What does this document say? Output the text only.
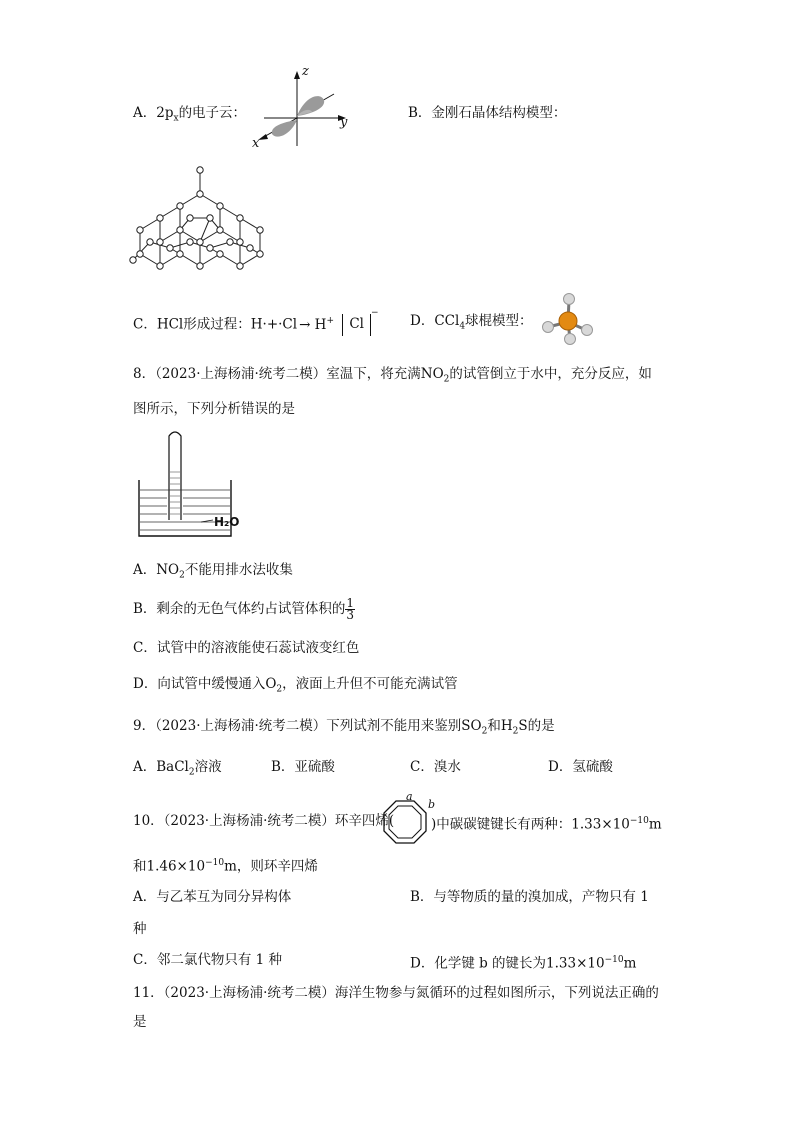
A．$2p_x$的电子云：
z
y
x
B．金刚石晶体结构模型：
C．HCl形成过程：H·+·Cl → H+ Cl− D．CCl$_4$球棍模型：
8．（2023·上海杨浦·统考二模）室温下，将充满$NO_2$的试管倒立于水中，充分反应，如
图所示，下列分析错误的是
H₂O
A．$NO_2$不能用排水法收集
B．剩余的无色气体约占试管体积的 $\frac{1}{3}$
C．试管中的溶液能使石蕊试液变红色
D．向试管中缓慢通入$O_2$，液面上升但不可能充满试管
9．（2023·上海杨浦·统考二模）下列试剂不能用来鉴别$SO_2$和$H_2S$的是
A．BaCl$_2$溶液	B．亚硫酸	C．溴水	D．氢硫酸
10．（2023·上海杨浦·统考二模）环辛四烯(
a
b
)中碳碳键键长有两种：$1.33\times 10^{-10}m$
和$1.46\times 10^{-10}m$，则环辛四烯
A．与乙苯互为同分异构体	B．与等物质的量的溴加成，产物只有 1
种
C．邻二氯代物只有 1 种	D．化学键 b 的键长为$1.33\times 10^{-10}m$
11．（2023·上海杨浦·统考二模）海洋生物参与氮循环的过程如图所示，下列说法正确的
是
